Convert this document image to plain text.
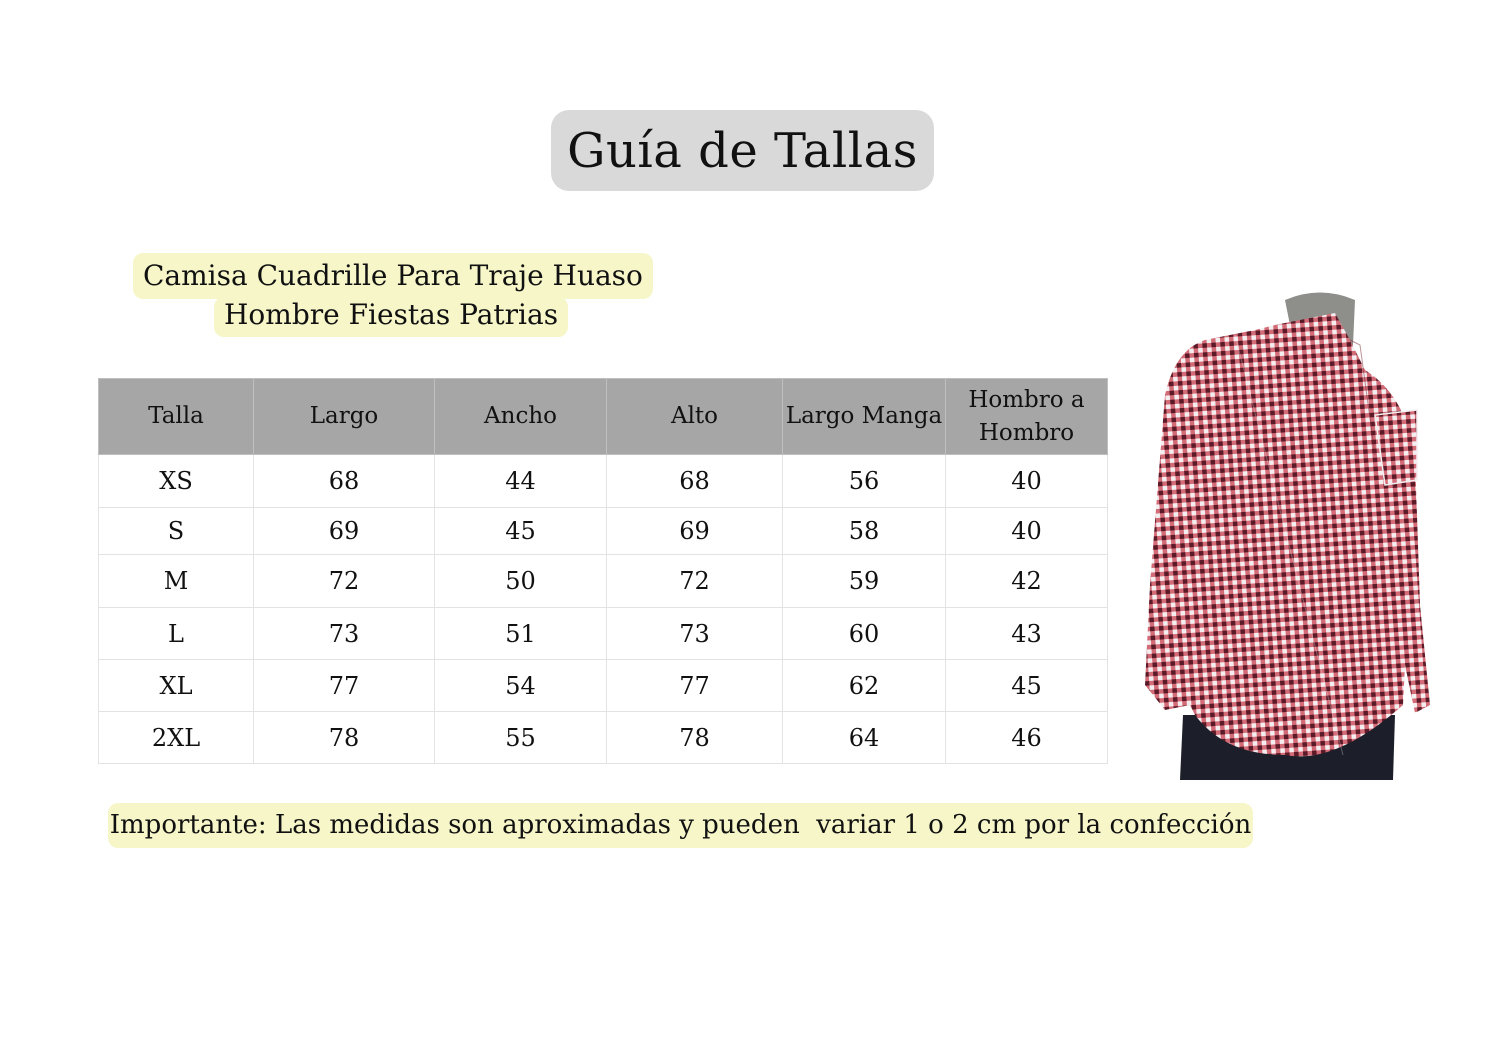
Guía de Tallas
Camisa Cuadrille Para Traje Huaso
Hombre Fiestas Patrias
Talla	Largo	Ancho	Alto	Largo Manga	Hombro a Hombro
XS	68	44	68	56	40
S	69	45	69	58	40
M	72	50	72	59	42
L	73	51	73	60	43
XL	77	54	77	62	45
2XL	78	55	78	64	46
Importante: Las medidas son aproximadas y pueden  variar 1 o 2 cm por la confección
